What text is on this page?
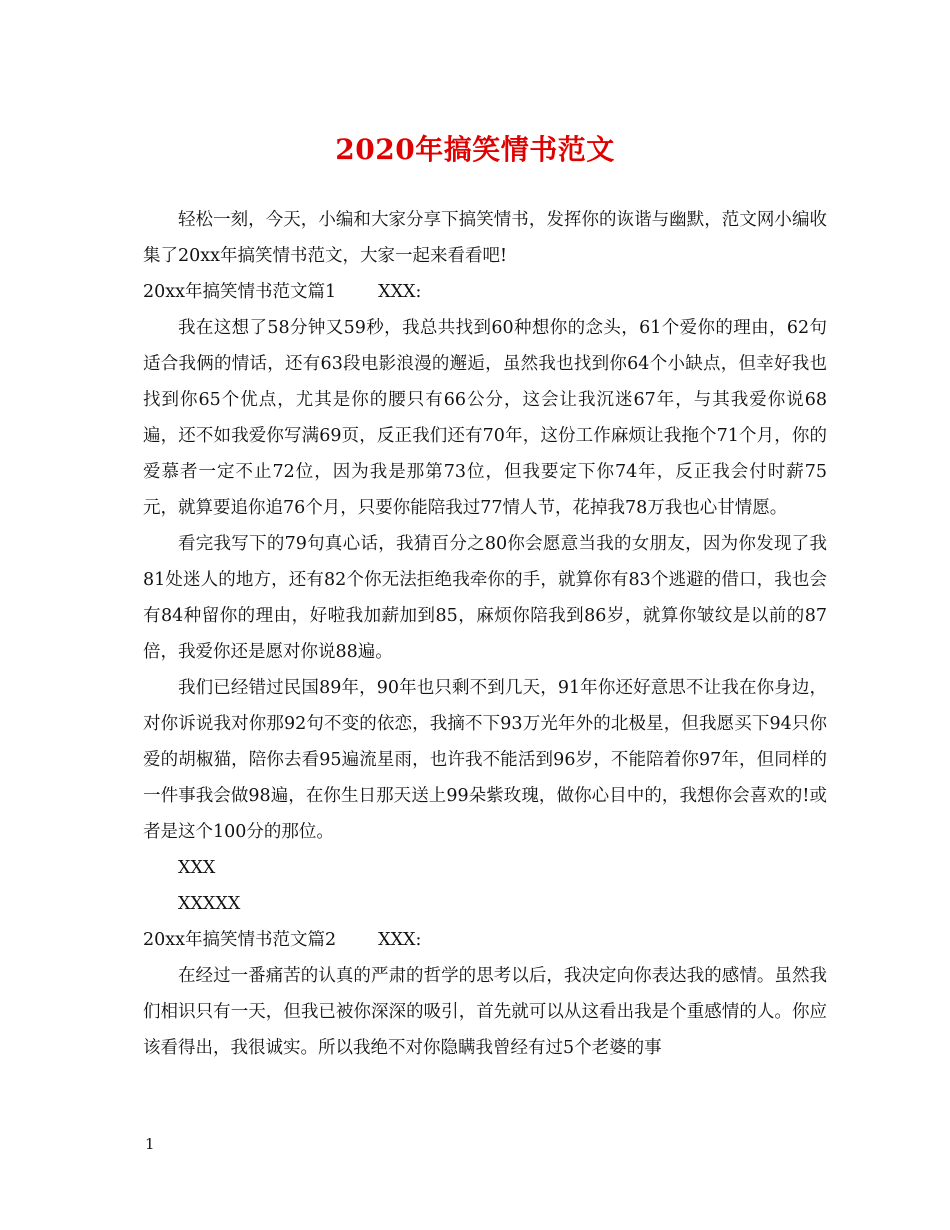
2020年搞笑情书范文

轻松一刻，今天，小编和大家分享下搞笑情书，发挥你的诙谐与幽默，范文网小编收集了20xx年搞笑情书范文，大家一起来看看吧!

20xx年搞笑情书范文篇1 XXX:

我在这想了58分钟又59秒，我总共找到60种想你的念头，61个爱你的理由，62句适合我俩的情话，还有63段电影浪漫的邂逅，虽然我也找到你64个小缺点，但幸好我也找到你65个优点，尤其是你的腰只有66公分，这会让我沉迷67年，与其我爱你说68遍，还不如我爱你写满69页，反正我们还有70年，这份工作麻烦让我拖个71个月，你的爱慕者一定不止72位，因为我是那第73位，但我要定下你74年，反正我会付时薪75元，就算要追你追76个月，只要你能陪我过77情人节，花掉我78万我也心甘情愿。

看完我写下的79句真心话，我猜百分之80你会愿意当我的女朋友，因为你发现了我81处迷人的地方，还有82个你无法拒绝我牵你的手，就算你有83个逃避的借口，我也会有84种留你的理由，好啦我加薪加到85，麻烦你陪我到86岁，就算你皱纹是以前的87倍，我爱你还是愿对你说88遍。

我们已经错过民国89年，90年也只剩不到几天，91年你还好意思不让我在你身边，对你诉说我对你那92句不变的依恋，我摘不下93万光年外的北极星，但我愿买下94只你爱的胡椒猫，陪你去看95遍流星雨，也许我不能活到96岁，不能陪着你97年，但同样的一件事我会做98遍，在你生日那天送上99朵紫玫瑰，做你心目中的，我想你会喜欢的!或者是这个100分的那位。

XXX

XXXXX

20xx年搞笑情书范文篇2 XXX:

在经过一番痛苦的认真的严肃的哲学的思考以后，我决定向你表达我的感情。虽然我们相识只有一天，但我已被你深深的吸引，首先就可以从这看出我是个重感情的人。你应该看得出，我很诚实。所以我绝不对你隐瞒我曾经有过5个老婆的事

1
